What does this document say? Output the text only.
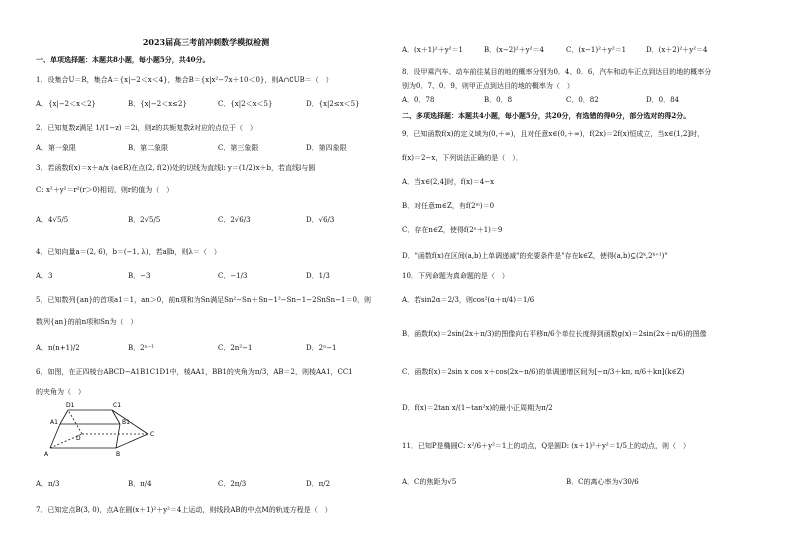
2023届高三考前冲刺数学模拟检测
一、单项选择题：本题共8小题，每小题5分，共40分。
1．设集合U＝R，集合A＝{x|−2＜x＜4}，集合B＝{x|x²−7x＋10＜0}，则A∩∁UB＝（　）
A．{x|−2＜x＜2}	B．{x|−2＜x≤2}	C．{x|2＜x＜5}	D．{x|2≤x＜5}
2．已知复数z满足 1/(1−z) ＝2i，则z的共轭复数z̄对应的点位于（　）
A．第一象限	B．第二象限	C．第三象限	D．第四象限
3．若函数f(x)＝x＋a/x (a∈R)在点(2, f(2))处的切线为直线l: y＝(1/2)x＋b，若直线l与圆
C: x²＋y²＝r²(r＞0)相切，则r的值为（　）
A．4√5/5	B．2√5/5	C．2√6/3	D．√6/3
4．已知向量a＝(2, 6)，b＝(−1, λ)，若a∥b，则λ＝（　）
A．3	B．−3	C．−1/3	D．1/3
5．已知数列{an}的首项a1＝1，an＞0，前n项和为Sn满足Sn²−Sn＋Sn−1²−Sn−1−2SnSn−1＝0，则
数列{an}的前n项和Sn为（　）
A．n(n+1)/2	B．2ⁿ⁻¹	C．2n²−1	D．2ⁿ−1
6．如图，在正四棱台ABCD−A1B1C1D1中，棱AA1，BB1的夹角为π/3，AB＝2，则棱AA1，CC1
的夹角为（　）
D1	C1
A1	B1
D
C
A	B
A．π/3	B．π/4	C．2π/3	D．π/2
7．已知定点B(3, 0)，点A在圆(x＋1)²＋y²＝4上运动，则线段AB的中点M的轨迹方程是（　）
A．(x＋1)²＋y²＝1	B．(x−2)²＋y²＝4	C．(x−1)²＋y²＝1	D．(x＋2)²＋y²＝4
8．设甲乘汽车、动车前往某目的地的概率分别为0．4、0．6，汽车和动车正点到达目的地的概率分
别为0．7、0．9，则甲正点到达目的地的概率为（　）
A．0．78	B．0．8	C．0．82	D．0．84
二、多项选择题：本题共4小题，每小题5分，共20分，有选错的得0分，部分选对的得2分。
9．已知函数f(x)的定义域为(0,＋∞)，且对任意x∈(0,＋∞)，f(2x)＝2f(x)恒成立，当x∈(1,2]时，
f(x)＝2−x，下列说法正确的是（　）．
A．当x∈(2,4]时，f(x)＝4−x
B．对任意m∈Z，有f(2ᵐ)＝0
C．存在n∈Z，使得f(2ⁿ＋1)＝9
D．"函数f(x)在区间(a,b)上单调递减"的充要条件是"存在k∈Z，使得(a,b)⊆(2ᵏ,2ᵏ⁺¹)"
10．下列命题为真命题的是（　）
A．若sin2α＝2/3，则cos²(α＋π/4)＝1/6
B．函数f(x)＝2sin(2x＋π/3)的图像向右平移π/6个单位长度得到函数g(x)＝2sin(2x＋π/6)的图像
C．函数f(x)＝2sin x cos x＋cos(2x−π/6)的单调递增区间为[−π/3＋kπ, π/6＋kπ](k∈Z)
D．f(x)＝2tan x/(1−tan²x)的最小正周期为π/2
11．已知P是椭圆C: x²/6＋y²＝1上的动点，Q是圆D: (x＋1)²＋y²＝1/5上的动点，则（　）
A．C的焦距为√5	B．C的离心率为√30/6
